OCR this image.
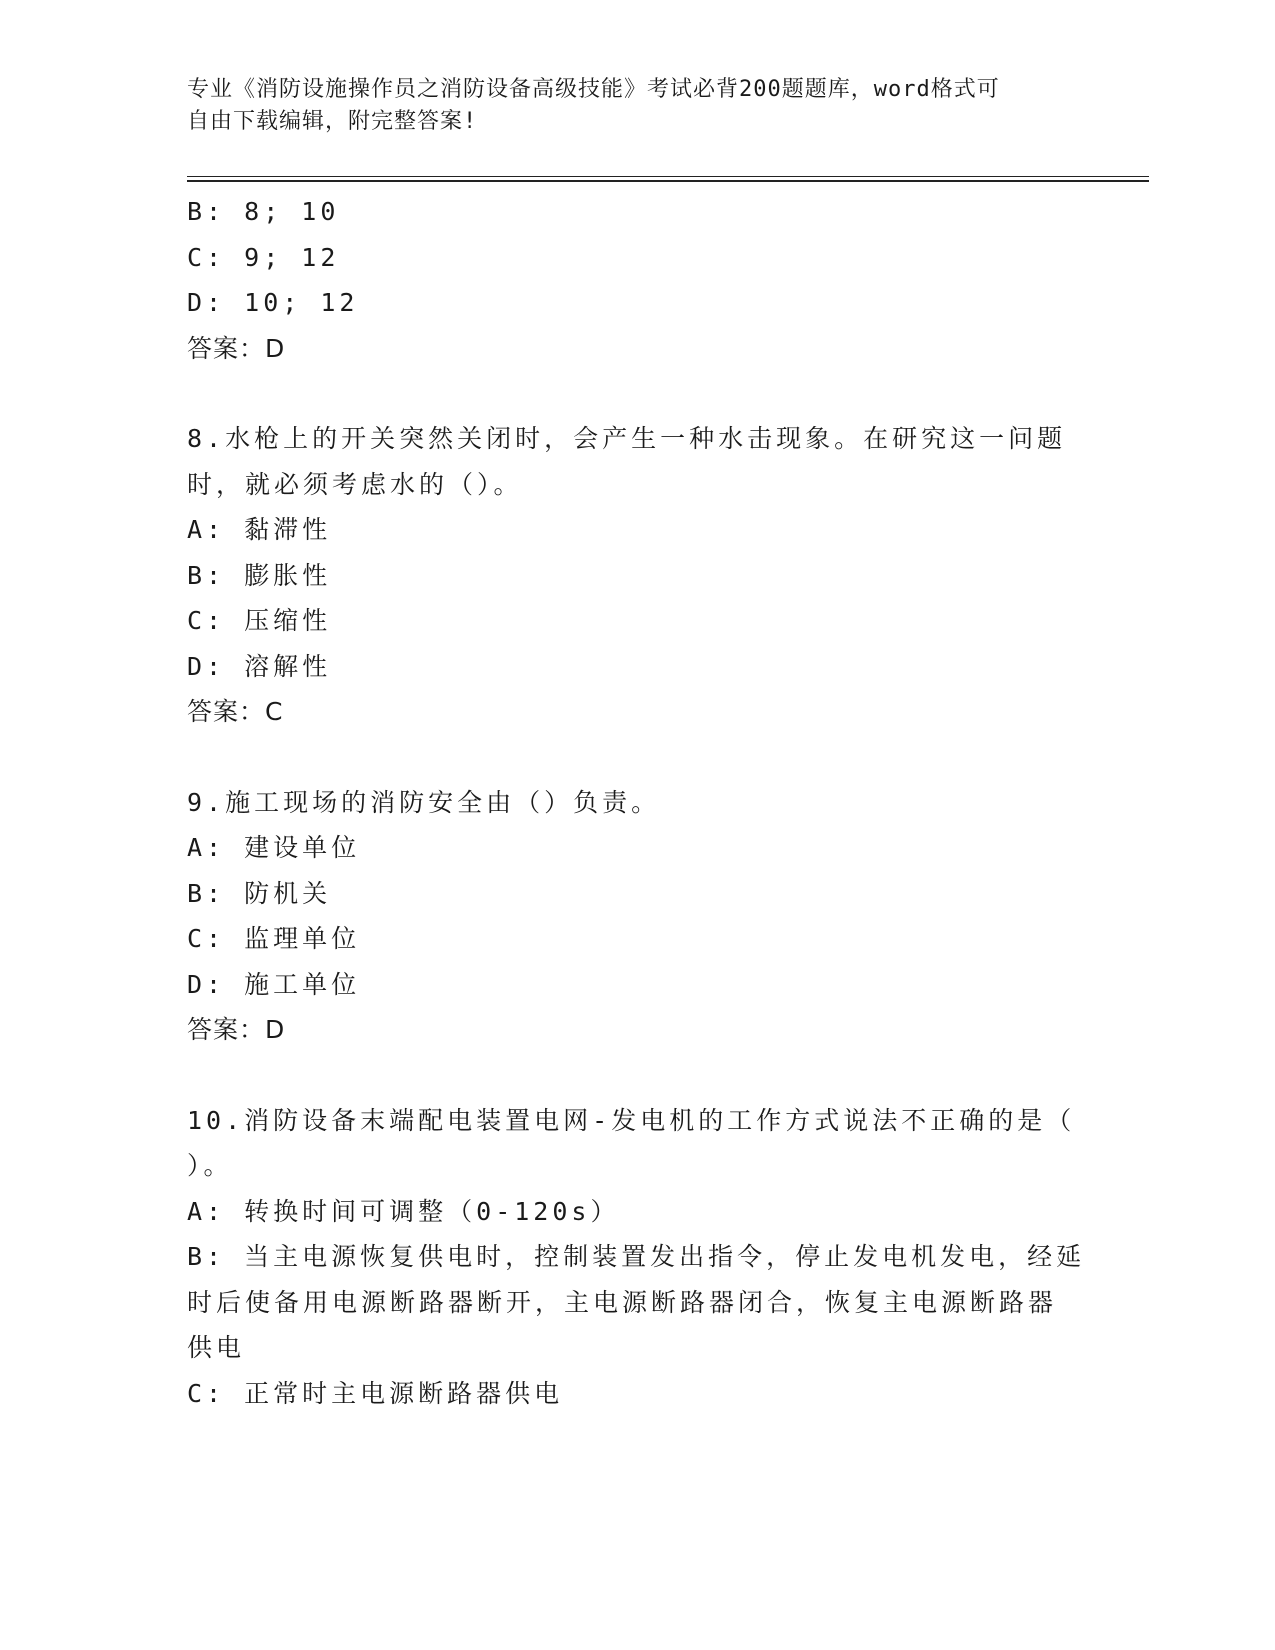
专业《消防设施操作员之消防设备高级技能》考试必背200题题库，word格式可
自由下载编辑，附完整答案!

B: 8; 10

C: 9; 12

D: 10; 12

答案：D

8.水枪上的开关突然关闭时，会产生一种水击现象。在研究这一问题

时，就必须考虑水的（）。

A: 黏滞性

B: 膨胀性

C: 压缩性

D: 溶解性

答案：C

9.施工现场的消防安全由（）负责。

A: 建设单位

B: 防机关

C: 监理单位

D: 施工单位

答案：D

10.消防设备末端配电装置电网-发电机的工作方式说法不正确的是（

）。

A: 转换时间可调整（0-120s）

B: 当主电源恢复供电时，控制装置发出指令，停止发电机发电，经延

时后使备用电源断路器断开，主电源断路器闭合，恢复主电源断路器

供电

C: 正常时主电源断路器供电
